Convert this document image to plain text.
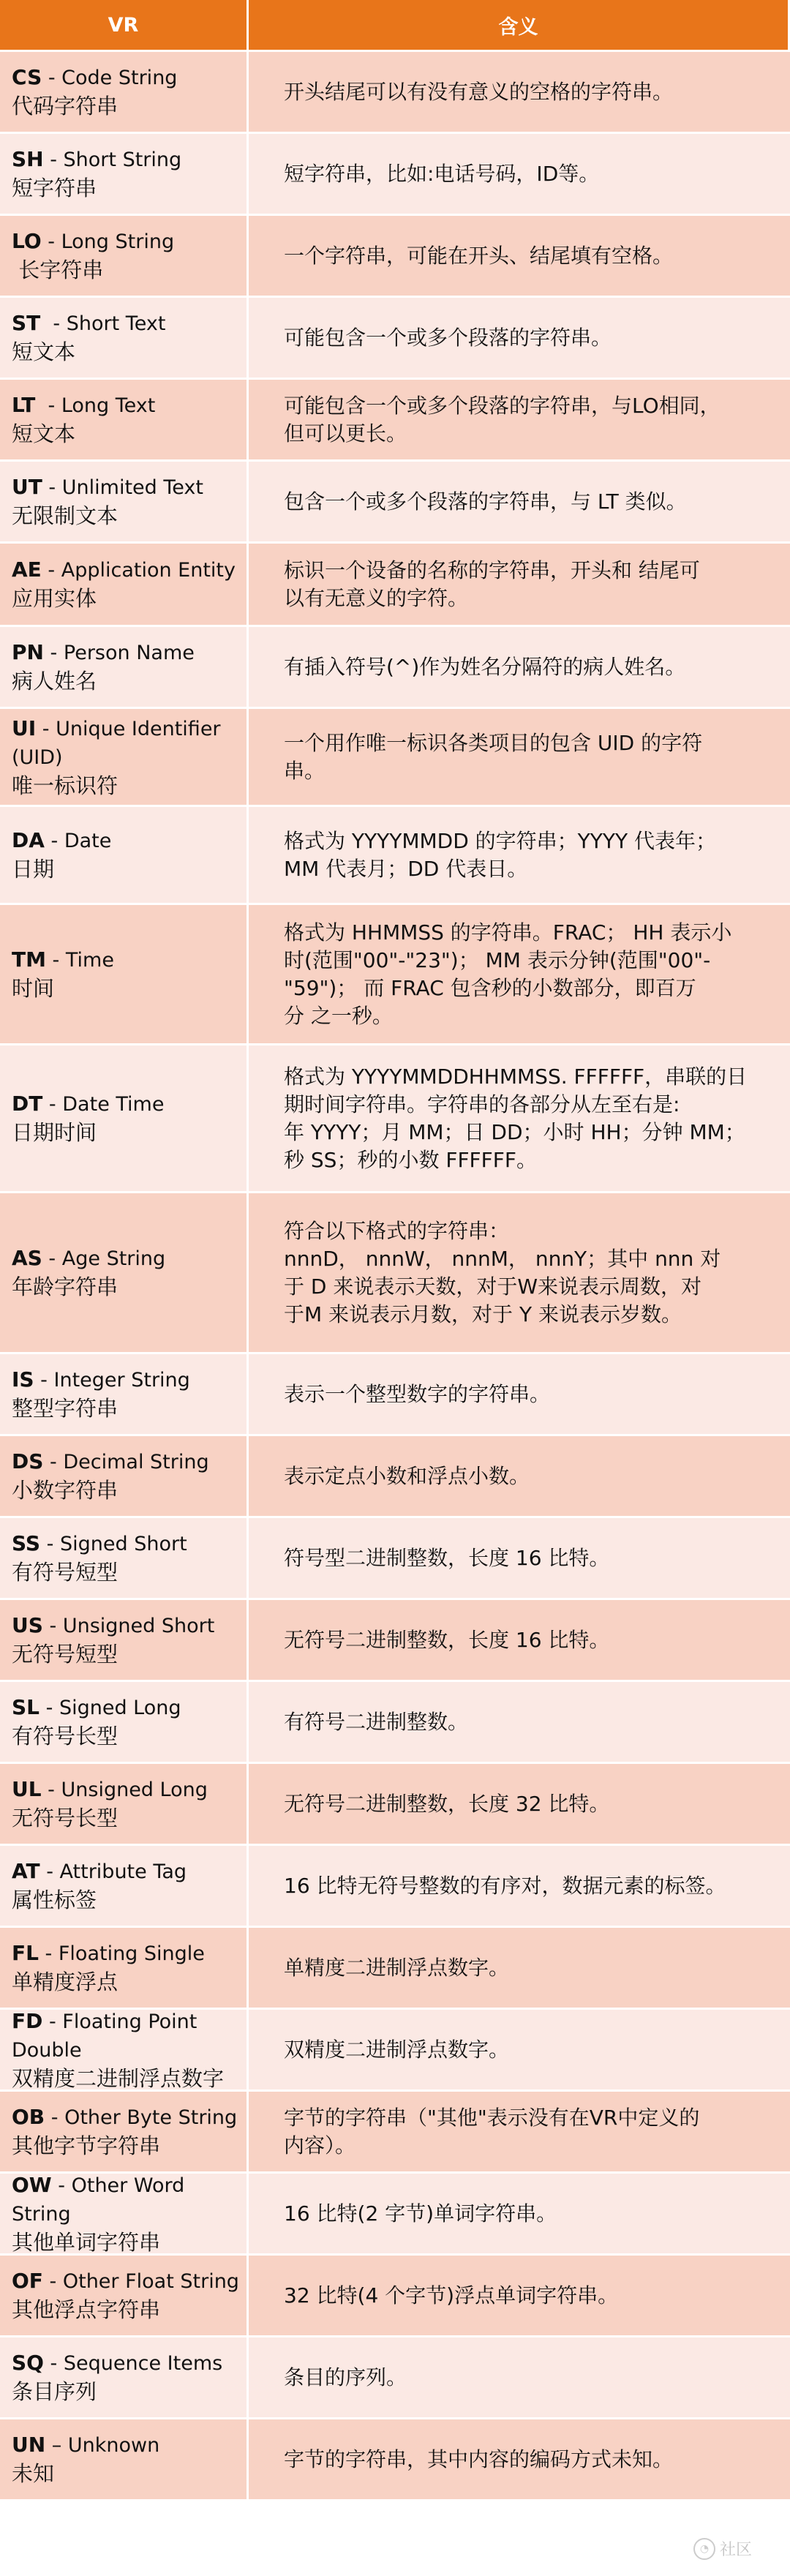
VR	含义
CS - Code String
代码字符串
开头结尾可以有没有意义的空格的字符串。
SH - Short String
短字符串
短字符串，比如:电话号码，ID等。
LO - Long String
长字符串
一个字符串，可能在开头、结尾填有空格。
ST  - Short Text
短文本
可能包含一个或多个段落的字符串。
LT  - Long Text
短文本
可能包含一个或多个段落的字符串，与LO相同，
但可以更长。
UT - Unlimited Text
无限制文本
包含一个或多个段落的字符串，与 LT 类似。
AE - Application Entity
应用实体
标识一个设备的名称的字符串，开头和 结尾可
以有无意义的字符。
PN - Person Name
病人姓名
有插入符号(^)作为姓名分隔符的病人姓名。
UI - Unique Identifier
(UID)
唯一标识符
一个用作唯一标识各类项目的包含 UID 的字符
串。
DA - Date
日期
格式为 YYYYMMDD 的字符串；YYYY 代表年；
MM 代表月；DD 代表日。
TM - Time
时间
格式为 HHMMSS 的字符串。FRAC； HH 表示小
时(范围"00"-"23")； MM 表示分钟(范围"00"-
"59")； 而 FRAC 包含秒的小数部分，即百万
分 之一秒。
DT - Date Time
日期时间
格式为 YYYYMMDDHHMMSS. FFFFFF，串联的日
期时间字符串。字符串的各部分从左至右是:
年 YYYY；月 MM；日 DD；小时 HH；分钟 MM；
秒 SS；秒的小数 FFFFFF。
AS - Age String
年龄字符串
符合以下格式的字符串：
nnnD， nnnW， nnnM， nnnY；其中 nnn 对
于 D 来说表示天数，对于W来说表示周数，对
于M 来说表示月数，对于 Y 来说表示岁数。
IS - Integer String
整型字符串
表示一个整型数字的字符串。
DS - Decimal String
小数字符串
表示定点小数和浮点小数。
SS - Signed Short
有符号短型
符号型二进制整数，长度 16 比特。
US - Unsigned Short
无符号短型
无符号二进制整数，长度 16 比特。
SL - Signed Long
有符号长型
有符号二进制整数。
UL - Unsigned Long
无符号长型
无符号二进制整数，长度 32 比特。
AT - Attribute Tag
属性标签
16 比特无符号整数的有序对，数据元素的标签。
FL - Floating Single
单精度浮点
单精度二进制浮点数字。
FD - Floating Point
Double
双精度二进制浮点数字
双精度二进制浮点数字。
OB - Other Byte String
其他字节字符串
字节的字符串（"其他"表示没有在VR中定义的
内容）。
OW - Other Word String
其他单词字符串
16 比特(2 字节)单词字符串。
OF - Other Float String
其他浮点字符串
32 比特(4 个字节)浮点单词字符串。
SQ - Sequence Items
条目序列
条目的序列。
UN – Unknown
未知
字节的字符串，其中内容的编码方式未知。
◔ 社区
